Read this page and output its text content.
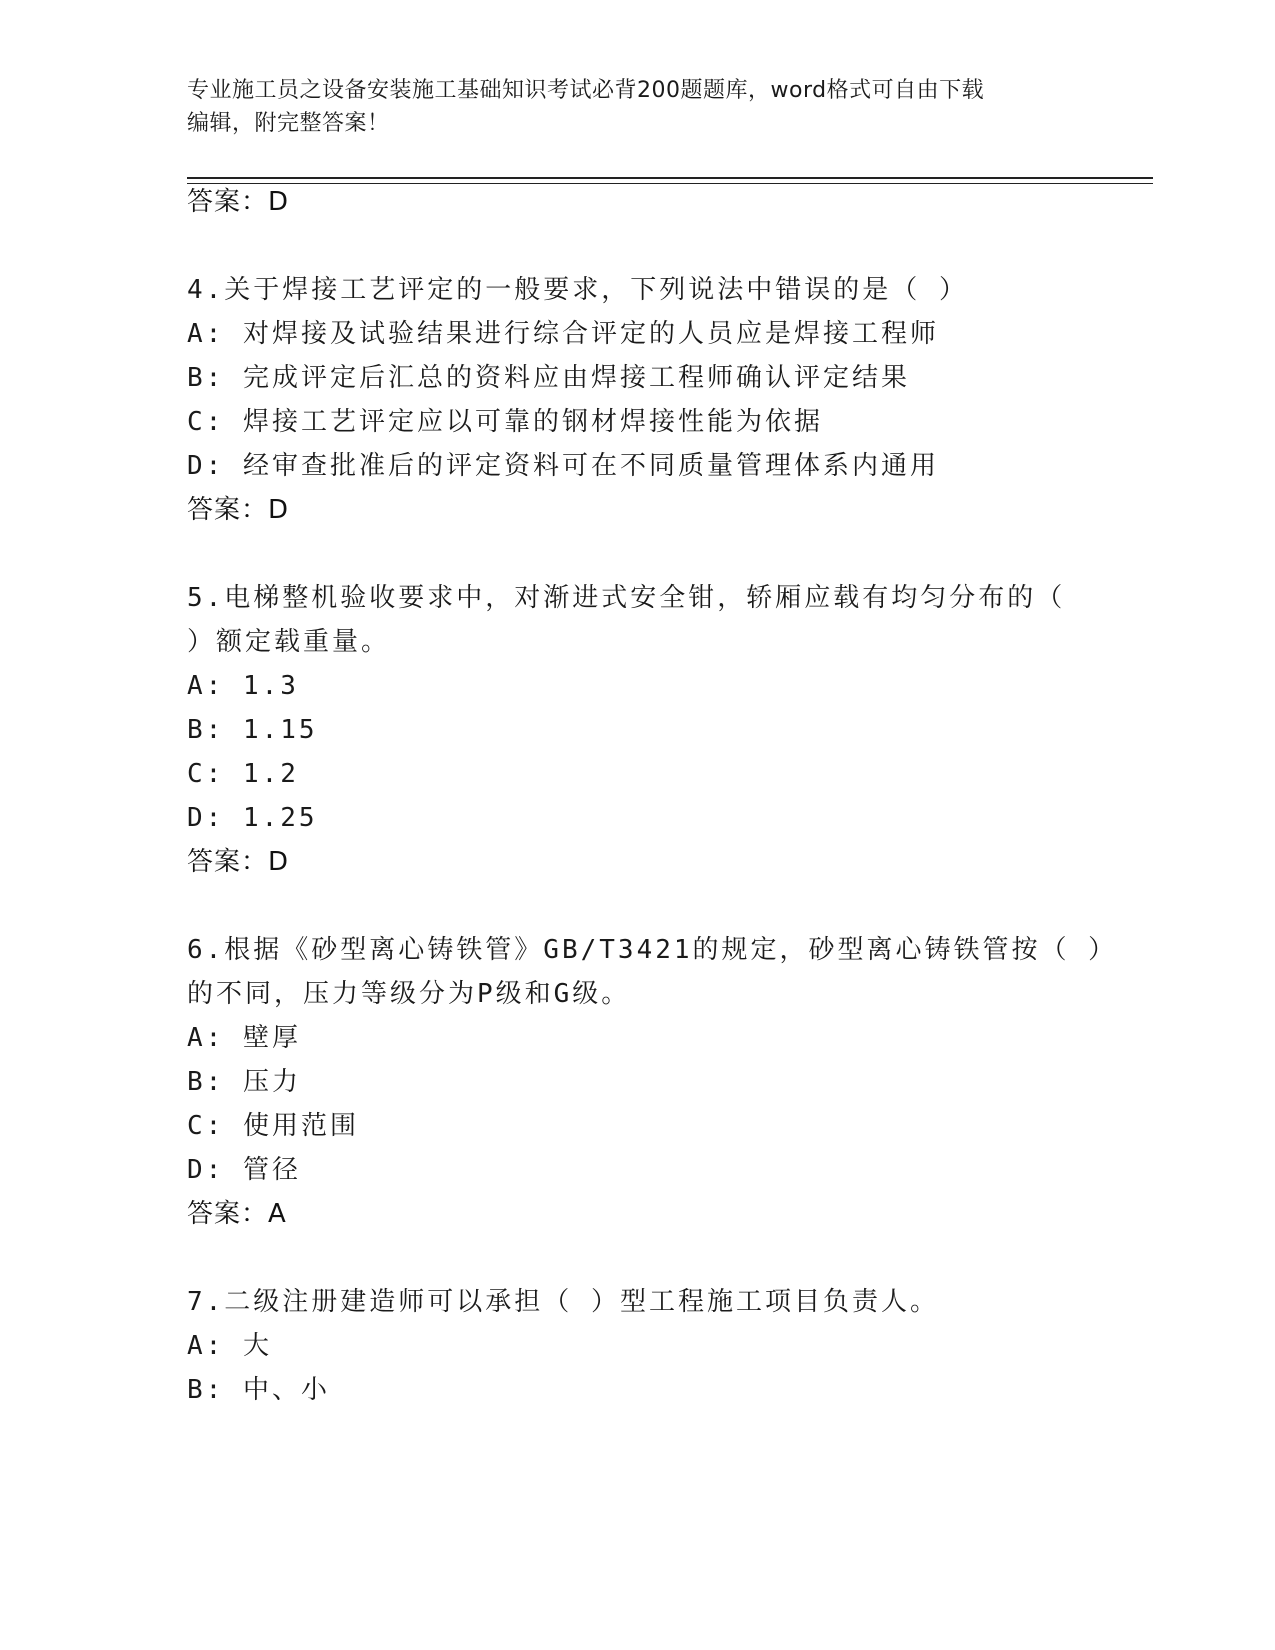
专业施工员之设备安装施工基础知识考试必背200题题库，word格式可自由下载
编辑，附完整答案！
答案：D
4.关于焊接工艺评定的一般要求，下列说法中错误的是（ ）
A: 对焊接及试验结果进行综合评定的人员应是焊接工程师
B: 完成评定后汇总的资料应由焊接工程师确认评定结果
C: 焊接工艺评定应以可靠的钢材焊接性能为依据
D: 经审查批准后的评定资料可在不同质量管理体系内通用
答案：D
5.电梯整机验收要求中，对渐进式安全钳，轿厢应载有均匀分布的（
）额定载重量。
A: 1.3
B: 1.15
C: 1.2
D: 1.25
答案：D
6.根据《砂型离心铸铁管》GB/T3421的规定，砂型离心铸铁管按（ ）
的不同，压力等级分为P级和G级。
A: 壁厚
B: 压力
C: 使用范围
D: 管径
答案：A
7.二级注册建造师可以承担（ ）型工程施工项目负责人。
A: 大
B: 中、小
